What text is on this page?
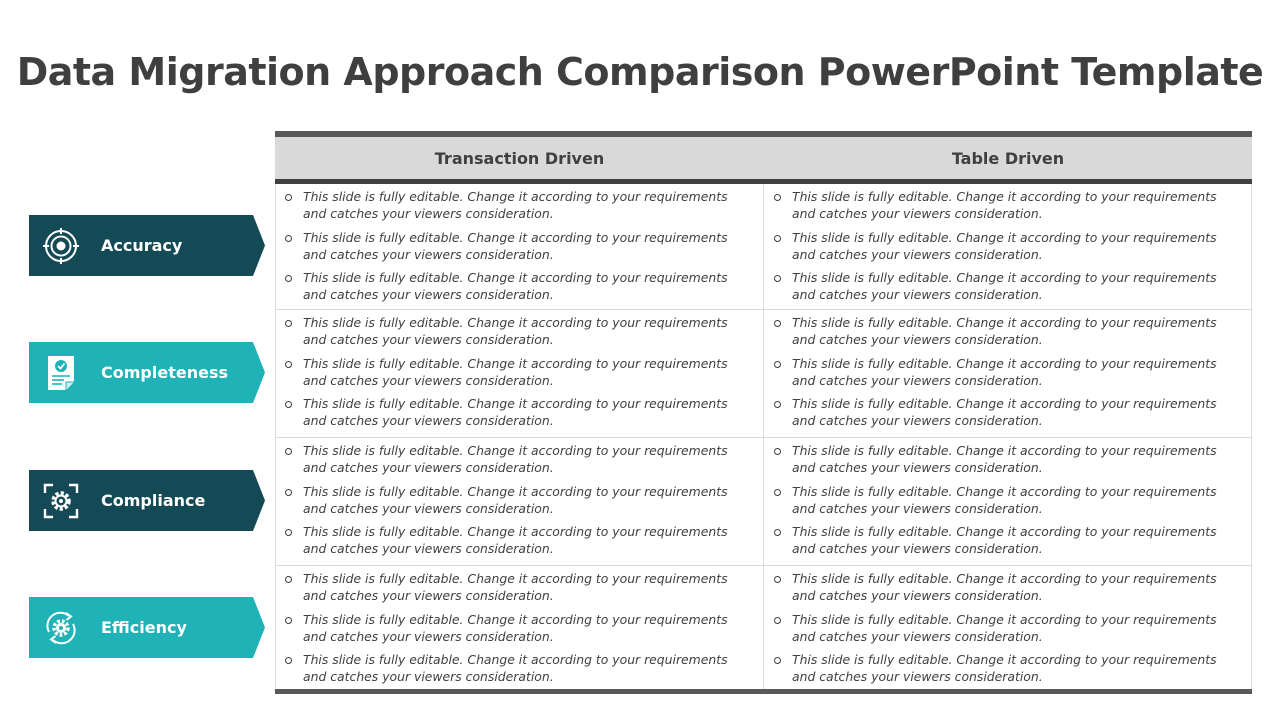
Data Migration Approach Comparison PowerPoint Template
Transaction Driven	Table Driven
This slide is fully editable. Change it according to your requirements and catches your viewers consideration.
This slide is fully editable. Change it according to your requirements and catches your viewers consideration.
This slide is fully editable. Change it according to your requirements and catches your viewers consideration.
This slide is fully editable. Change it according to your requirements and catches your viewers consideration.
This slide is fully editable. Change it according to your requirements and catches your viewers consideration.
This slide is fully editable. Change it according to your requirements and catches your viewers consideration.
This slide is fully editable. Change it according to your requirements and catches your viewers consideration.
This slide is fully editable. Change it according to your requirements and catches your viewers consideration.
This slide is fully editable. Change it according to your requirements and catches your viewers consideration.
This slide is fully editable. Change it according to your requirements and catches your viewers consideration.
This slide is fully editable. Change it according to your requirements and catches your viewers consideration.
This slide is fully editable. Change it according to your requirements and catches your viewers consideration.
This slide is fully editable. Change it according to your requirements and catches your viewers consideration.
This slide is fully editable. Change it according to your requirements and catches your viewers consideration.
This slide is fully editable. Change it according to your requirements and catches your viewers consideration.
This slide is fully editable. Change it according to your requirements and catches your viewers consideration.
This slide is fully editable. Change it according to your requirements and catches your viewers consideration.
This slide is fully editable. Change it according to your requirements and catches your viewers consideration.
This slide is fully editable. Change it according to your requirements and catches your viewers consideration.
This slide is fully editable. Change it according to your requirements and catches your viewers consideration.
This slide is fully editable. Change it according to your requirements and catches your viewers consideration.
This slide is fully editable. Change it according to your requirements and catches your viewers consideration.
This slide is fully editable. Change it according to your requirements and catches your viewers consideration.
This slide is fully editable. Change it according to your requirements and catches your viewers consideration.
Accuracy
Completeness
Compliance
Efficiency
